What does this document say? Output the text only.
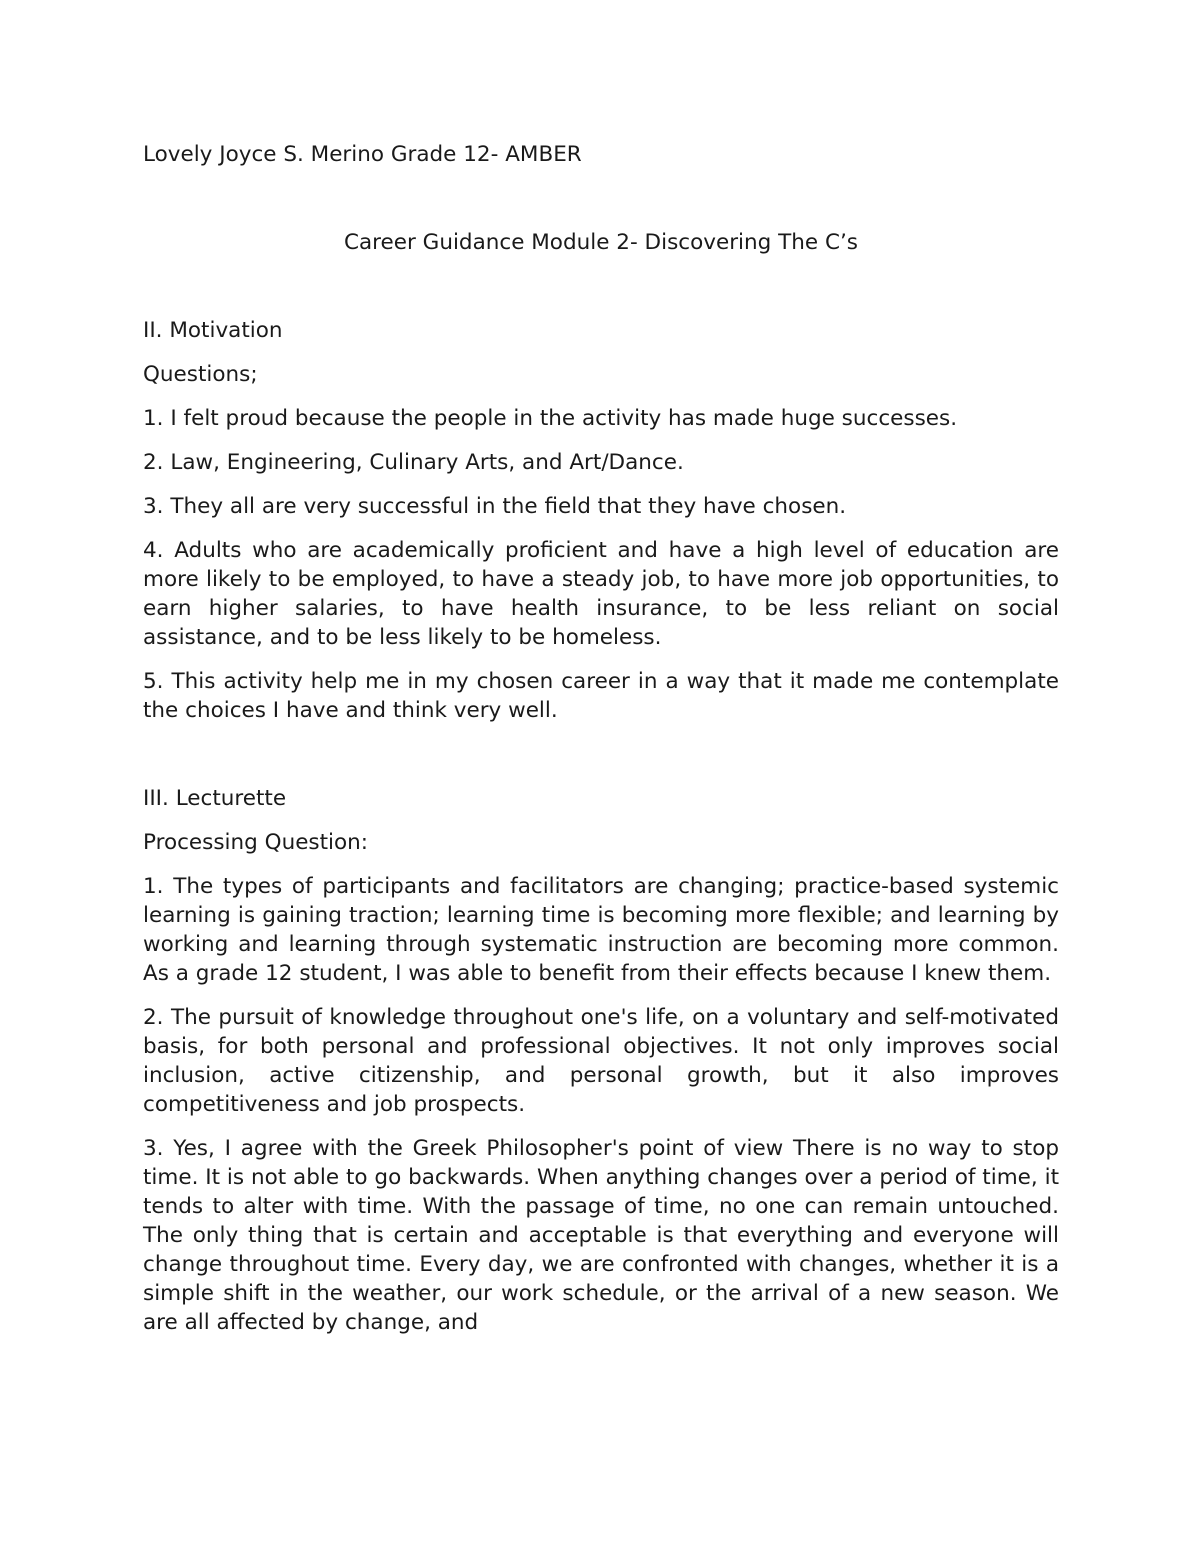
Lovely Joyce S. Merino Grade 12- AMBER

Career Guidance Module 2- Discovering The C’s

II. Motivation

Questions;

1. I felt proud because the people in the activity has made huge successes.

2. Law, Engineering, Culinary Arts, and Art/Dance.

3. They all are very successful in the field that they have chosen.

4. Adults who are academically proficient and have a high level of education are more likely to be employed, to have a steady job, to have more job opportunities, to earn higher salaries, to have health insurance, to be less reliant on social assistance, and to be less likely to be homeless.

5. This activity help me in my chosen career in a way that it made me contemplate the choices I have and think very well.

III. Lecturette

Processing Question:

1. The types of participants and facilitators are changing; practice-based systemic learning is gaining traction; learning time is becoming more flexible; and learning by working and learning through systematic instruction are becoming more common. As a grade 12 student, I was able to benefit from their effects because I knew them.

2. The pursuit of knowledge throughout one's life, on a voluntary and self-motivated basis, for both personal and professional objectives. It not only improves social inclusion, active citizenship, and personal growth, but it also improves competitiveness and job prospects.

3. Yes, I agree with the Greek Philosopher's point of view There is no way to stop time. It is not able to go backwards. When anything changes over a period of time, it tends to alter with time. With the passage of time, no one can remain untouched. The only thing that is certain and acceptable is that everything and everyone will change throughout time. Every day, we are confronted with changes, whether it is a simple shift in the weather, our work schedule, or the arrival of a new season. We are all affected by change, and
